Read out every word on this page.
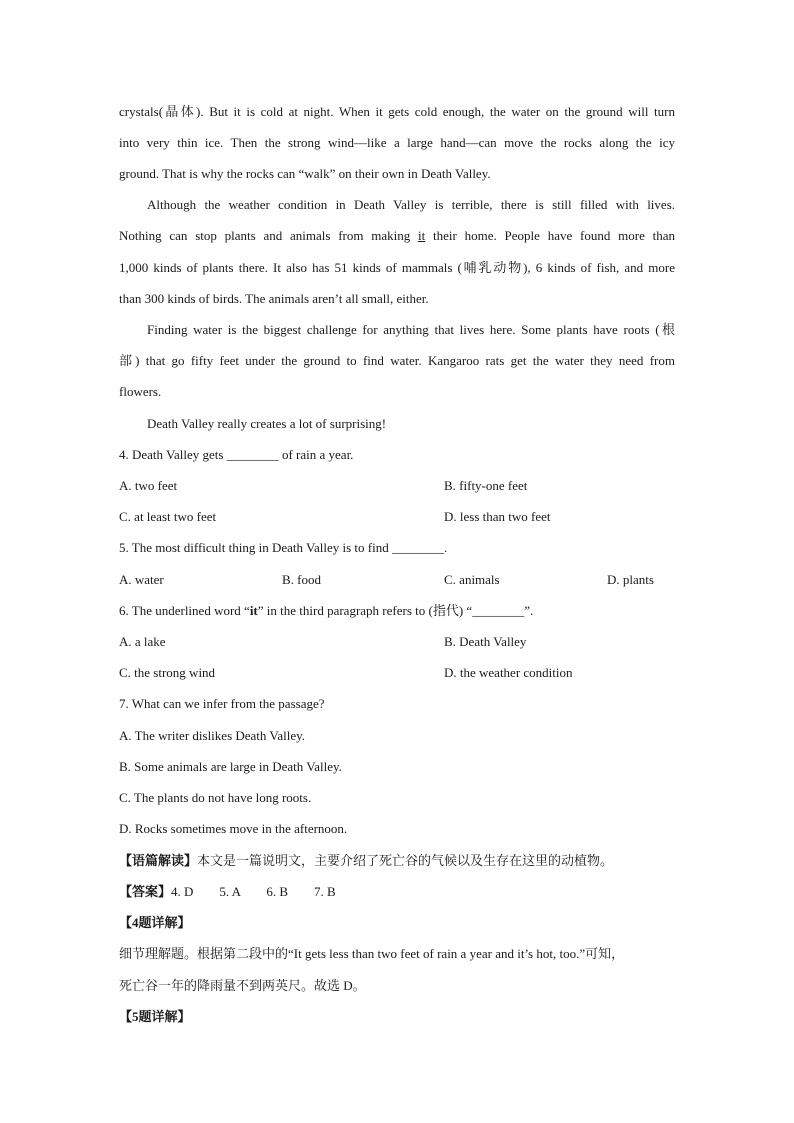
crystals(晶体). But it is cold at night. When it gets cold enough, the water on the ground will turn
into very thin ice. Then the strong wind—like a large hand—can move the rocks along the icy
ground. That is why the rocks can “walk” on their own in Death Valley.
Although the weather condition in Death Valley is terrible, there is still filled with lives.
Nothing can stop plants and animals from making it their home. People have found more than
1,000 kinds of plants there. It also has 51 kinds of mammals (哺乳动物), 6 kinds of fish, and more
than 300 kinds of birds. The animals aren’t all small, either.
Finding water is the biggest challenge for anything that lives here. Some plants have roots (根
部) that go fifty feet under the ground to find water. Kangaroo rats get the water they need from
flowers.
Death Valley really creates a lot of surprising!
4. Death Valley gets ________ of rain a year.
A. two feet	B. fifty-one feet
C. at least two feet	D. less than two feet
5. The most difficult thing in Death Valley is to find ________.
A. water	B. food	C. animals	D. plants
6. The underlined word “it” in the third paragraph refers to (指代) “________”.
A. a lake	B. Death Valley
C. the strong wind	D. the weather condition
7. What can we infer from the passage?
A. The writer dislikes Death Valley.
B. Some animals are large in Death Valley.
C. The plants do not have long roots.
D. Rocks sometimes move in the afternoon.
【语篇解读】本文是一篇说明文，主要介绍了死亡谷的气候以及生存在这里的动植物。
【答案】4. D　　5. A　　6. B　　7. B
【4题详解】
细节理解题。根据第二段中的“It gets less than two feet of rain a year and it’s hot, too.”可知，
死亡谷一年的降雨量不到两英尺。故选 D。
【5题详解】
